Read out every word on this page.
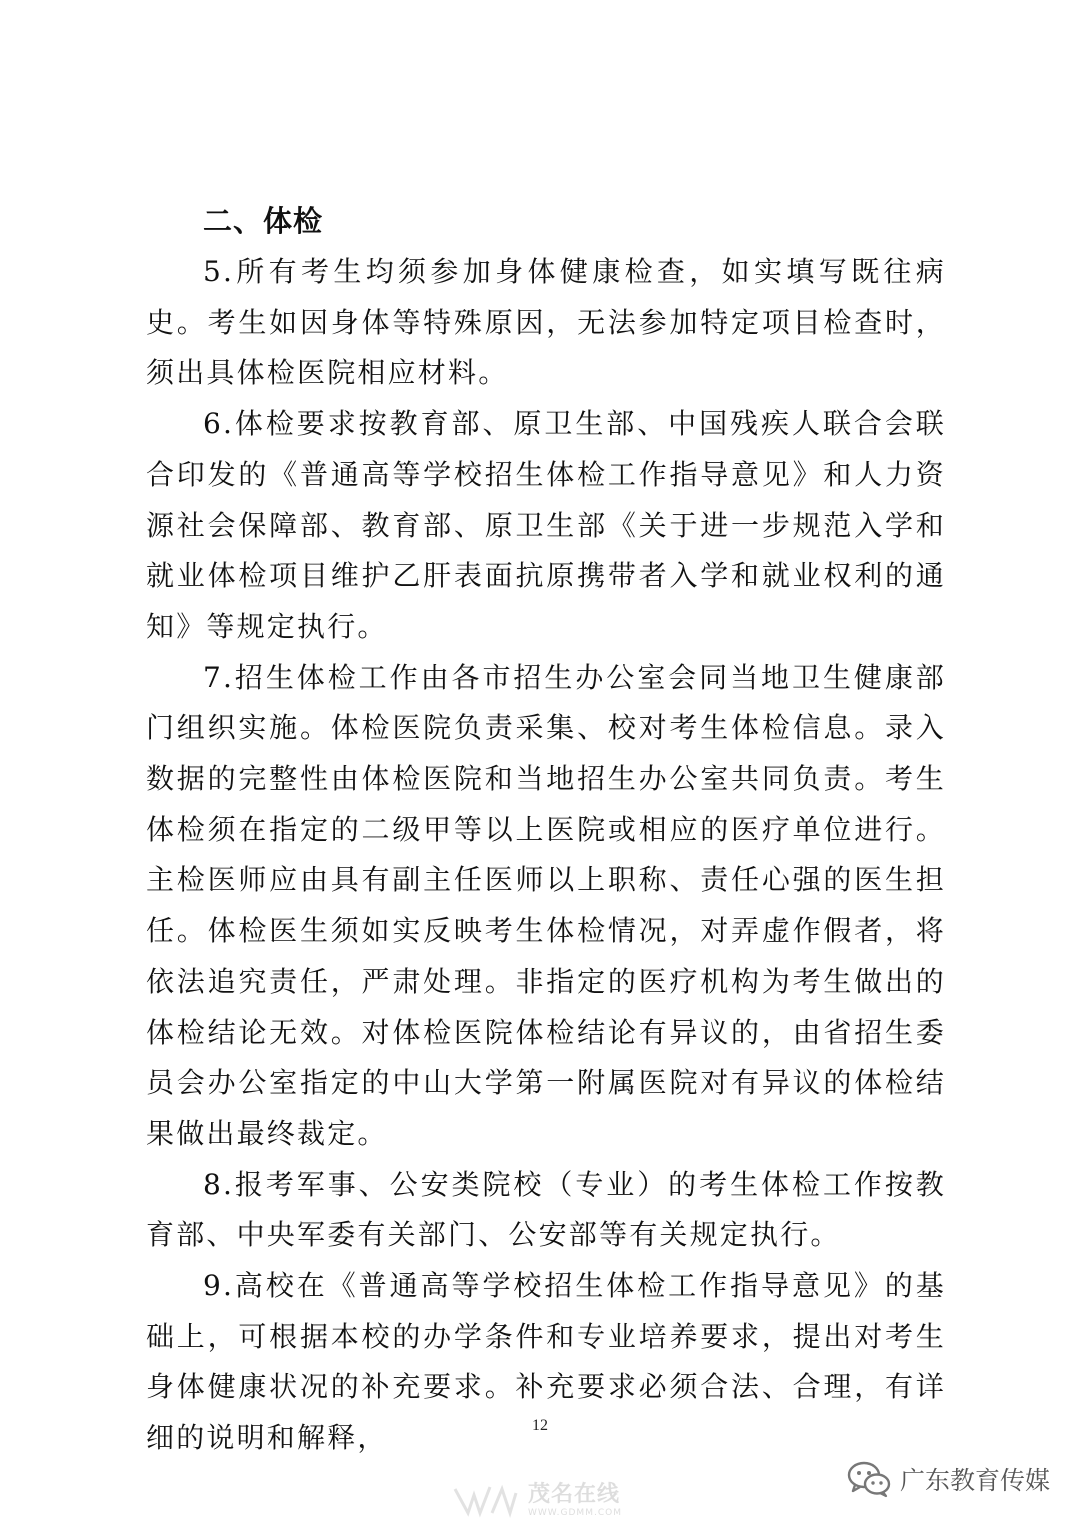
二、体检

5.所有考生均须参加身体健康检查，如实填写既往病史。考生如因身体等特殊原因，无法参加特定项目检查时，须出具体检医院相应材料。

6.体检要求按教育部、原卫生部、中国残疾人联合会联合印发的《普通高等学校招生体检工作指导意见》和人力资源社会保障部、教育部、原卫生部《关于进一步规范入学和就业体检项目维护乙肝表面抗原携带者入学和就业权利的通知》等规定执行。

7.招生体检工作由各市招生办公室会同当地卫生健康部门组织实施。体检医院负责采集、校对考生体检信息。录入数据的完整性由体检医院和当地招生办公室共同负责。考生体检须在指定的二级甲等以上医院或相应的医疗单位进行。主检医师应由具有副主任医师以上职称、责任心强的医生担任。体检医生须如实反映考生体检情况，对弄虚作假者，将依法追究责任，严肃处理。非指定的医疗机构为考生做出的体检结论无效。对体检医院体检结论有异议的，由省招生委员会办公室指定的中山大学第一附属医院对有异议的体检结果做出最终裁定。

8.报考军事、公安类院校（专业）的考生体检工作按教育部、中央军委有关部门、公安部等有关规定执行。

9.高校在《普通高等学校招生体检工作指导意见》的基础上，可根据本校的办学条件和专业培养要求，提出对考生身体健康状况的补充要求。补充要求必须合法、合理，有详细的说明和解释，	12
茂名在线
WWW.GDMM.COM
广东教育传媒
